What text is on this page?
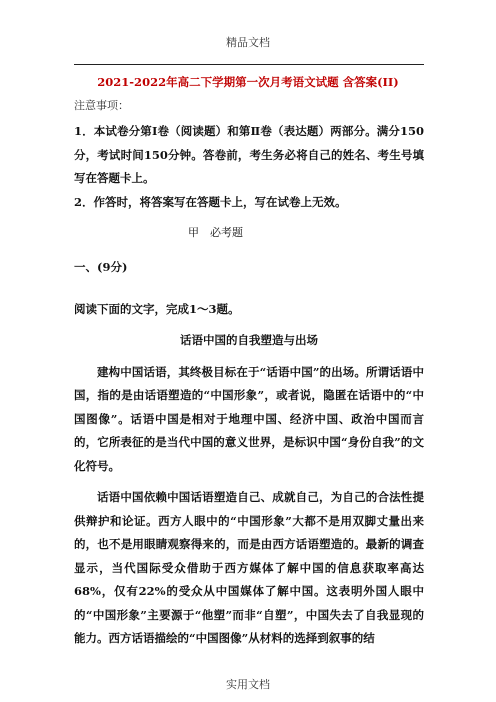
精品文档
2021-2022年高二下学期第一次月考语文试题 含答案(II)
注意事项：

1．本试卷分第Ⅰ卷（阅读题）和第Ⅱ卷（表达题）两部分。满分150分，考试时间150分钟。答卷前，考生务必将自己的姓名、考生号填写在答题卡上。

2．作答时，将答案写在答题卡上，写在试卷上无效。

甲　必考题

一、(9分)

阅读下面的文字，完成1～3题。

话语中国的自我塑造与出场

建构中国话语，其终极目标在于“话语中国”的出场。所谓话语中国，指的是由话语塑造的“中国形象”，或者说，隐匿在话语中的“中国图像”。话语中国是相对于地理中国、经济中国、政治中国而言的，它所表征的是当代中国的意义世界，是标识中国“身份自我”的文化符号。

话语中国依赖中国话语塑造自己、成就自己，为自己的合法性提供辩护和论证。西方人眼中的“中国形象”大都不是用双脚丈量出来的，也不是用眼睛观察得来的，而是由西方话语塑造的。最新的调查显示，当代国际受众借助于西方媒体了解中国的信息获取率高达68%，仅有22%的受众从中国媒体了解中国。这表明外国人眼中的“中国形象”主要源于“他塑”而非“自塑”，中国失去了自我显现的能力。西方话语描绘的“中国图像”从材料的选择到叙事的结

实用文档
